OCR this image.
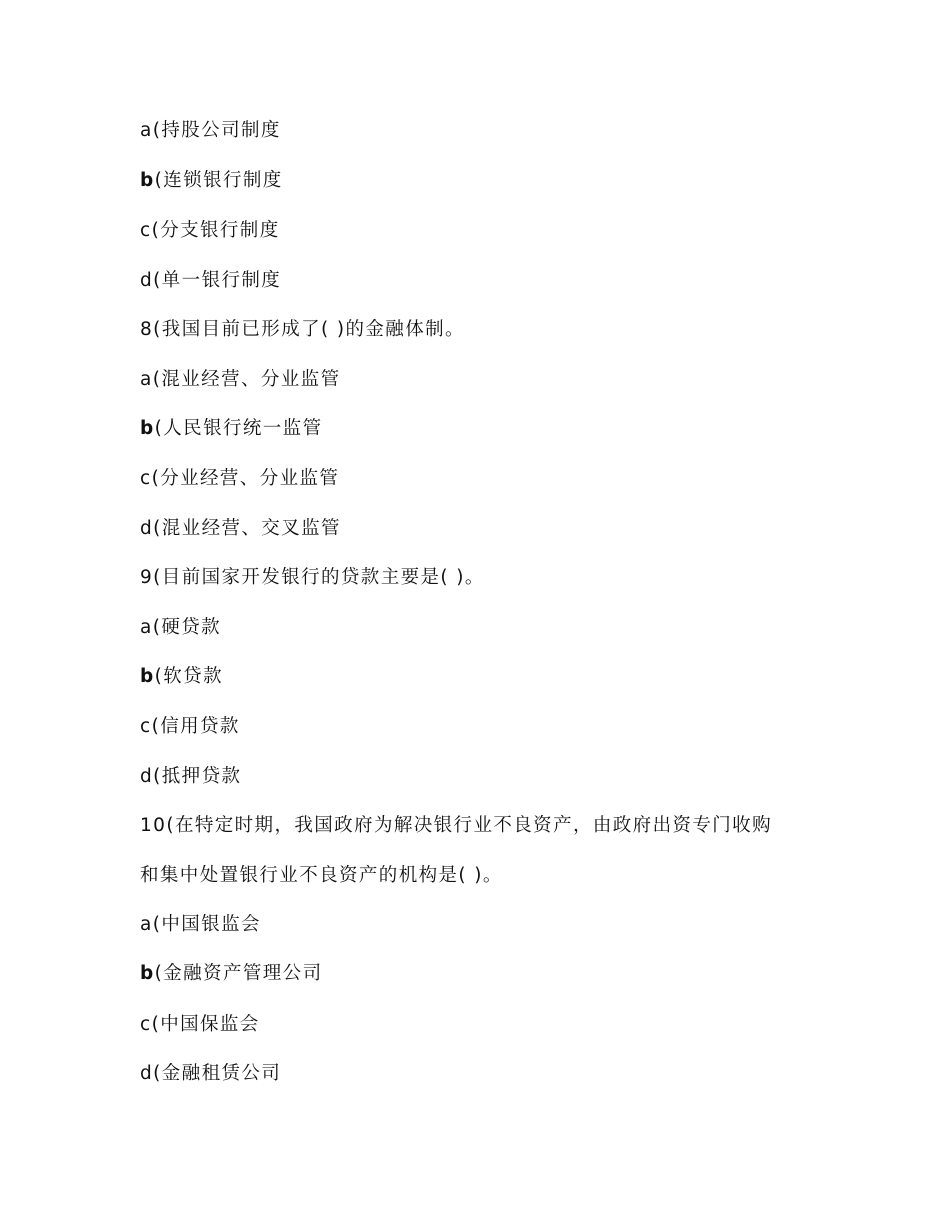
a(持股公司制度
b(连锁银行制度
c(分支银行制度
d(单一银行制度
8(我国目前已形成了( )的金融体制。
a(混业经营、分业监管
b(人民银行统一监管
c(分业经营、分业监管
d(混业经营、交叉监管
9(目前国家开发银行的贷款主要是( )。
a(硬贷款
b(软贷款
c(信用贷款
d(抵押贷款
10(在特定时期，我国政府为解决银行业不良资产，由政府出资专门收购
和集中处置银行业不良资产的机构是( )。
a(中国银监会
b(金融资产管理公司
c(中国保监会
d(金融租赁公司
